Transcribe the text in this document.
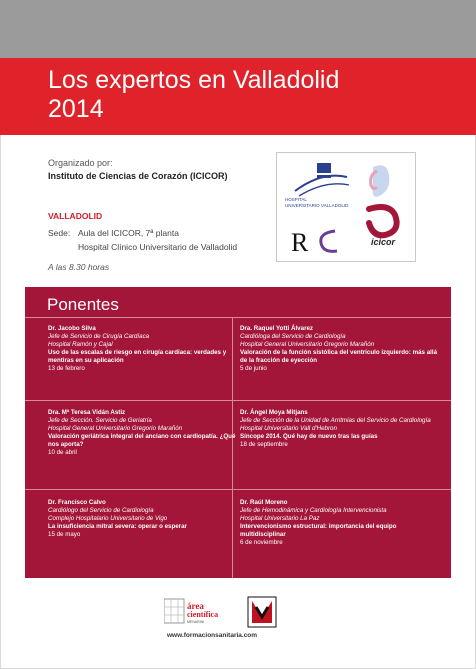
Los expertos en Valladolid
2014
Organizado por:
Instituto de Ciencias de Corazón (ICICOR)
VALLADOLID
Sede: Aula del ICICOR, 7ª planta
Hospital Clínico Universitario de Valladolid
A las 8.30 horas
R
HOSPITAL
UNIVERSITARIO VALLADOLID
icicor
Ponentes
Dr. Jacobo Silva
Jefe de Servicio de Cirugía Cardíaca
Hospital Ramón y Cajal
Uso de las escalas de riesgo en cirugía cardiaca: verdades y mentiras en su aplicación
13 de febrero
Dra. Raquel Yotti Álvarez
Cardióloga del Servicio de Cardiología
Hospital General Universitario Gregorio Marañón
Valoración de la función sistólica del ventrículo izquierdo: más allá de la fracción de eyección
5 de junio
Dra. Mª Teresa Vidán Astiz
Jefe de Sección. Servicio de Geriatría
Hospital General Universitario Gregorio Marañón
Valoración geriátrica integral del anciano con cardiopatía. ¿Qué nos aporta?
10 de abril
Dr. Ángel Moya Mitjans
Jefe de Sección de la Unidad de Arritmias del Servicio de Cardiología
Hospital Universitario Vall d'Hebron
Síncope 2014. Qué hay de nuevo tras las guías
18 de septiembre
Dr. Francisco Calvo
Cardiólogo del Servicio de Cardiología
Complejo Hospitalario Universitario de Vigo
La insuficiencia mitral severa: operar o esperar
15 de mayo
Dr. Raúl Moreno
Jefe de Hemodinámica y Cardiología Intervencionista
Hospital Universitario La Paz
Intervencionismo estructural: importancia del equipo multidisciplinar
6 de noviembre
área
científica
MENARINI
www.formacionsanitaria.com
